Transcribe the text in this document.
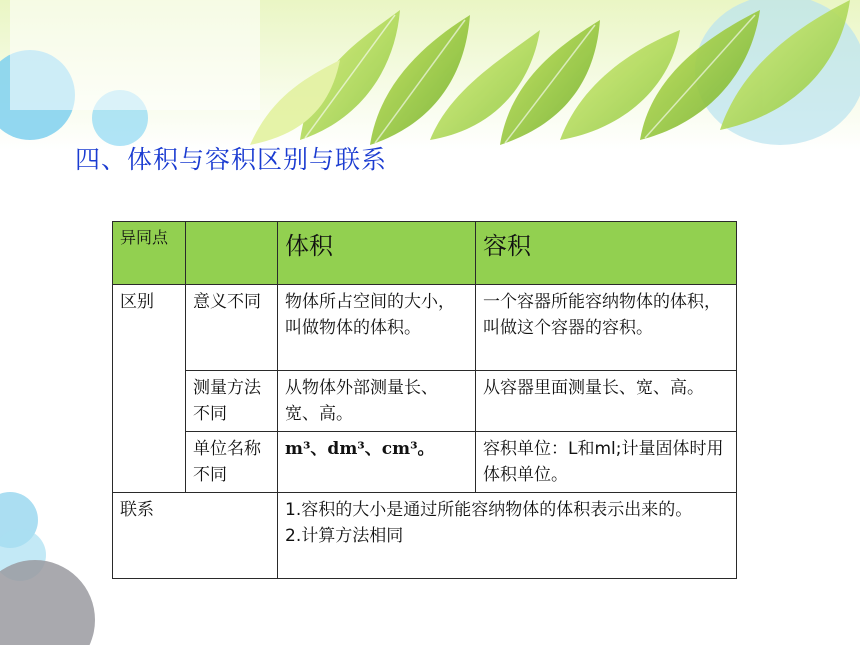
四、体积与容积区别与联系
异同点		体积	容积
区别	意义不同	物体所占空间的大小，叫做物体的体积。	一个容器所能容纳物体的体积，叫做这个容器的容积。
	测量方法不同	从物体外部测量长、宽、高。	从容器里面测量长、宽、高。
	单位名称不同	m³、dm³、cm³。	容积单位：L和ml;计量固体时用体积单位。
联系		1.容积的大小是通过所能容纳物体的体积表示出来的。
2.计算方法相同	
